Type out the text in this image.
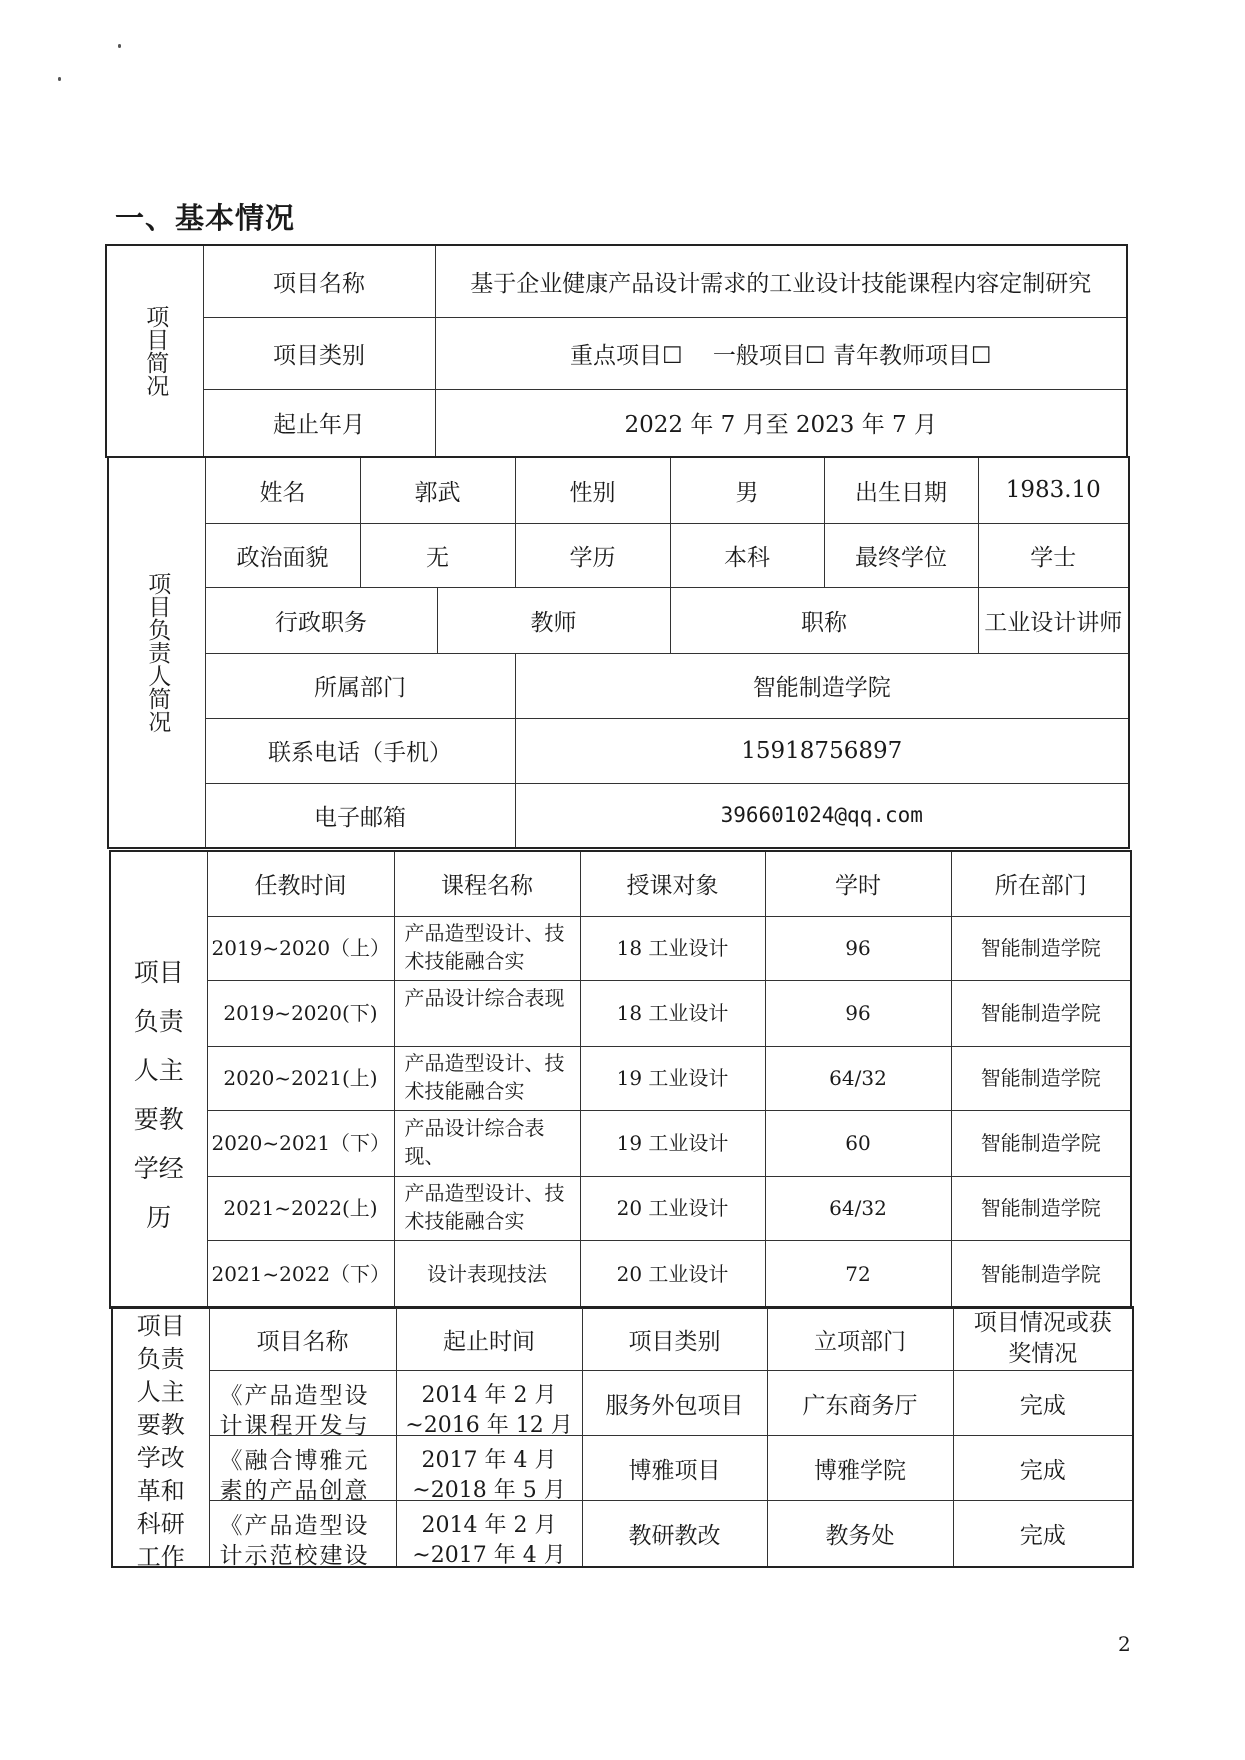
一、基本情况
项目简况	项目名称	基于企业健康产品设计需求的工业设计技能课程内容定制研究
	项目类别	重点项目☐　 一般项目☐ 青年教师项目☐
	起止年月	2022 年 7 月至 2023 年 7 月
项目负责人简况	姓名	郭武		性别	男	出生日期	1983.10
	政治面貌	无		学历	本科	最终学位	学士
	行政职务		教师		职称		工业设计讲师
	所属部门			智能制造学院			
	联系电话（手机）			15918756897			
	电子邮箱			396601024@qq.com			
项目负责人主要教学经历	任教时间	课程名称	授课对象	学时	所在部门
	2019~2020（上）	产品造型设计、技术技能融合实	18 工业设计	96	智能制造学院
	2019~2020(下)	产品设计综合表现	18 工业设计	96	智能制造学院
	2020~2021(上)	产品造型设计、技术技能融合实	19 工业设计	64/32	智能制造学院
	2020~2021（下）	产品设计综合表现、	19 工业设计	60	智能制造学院
	2021~2022(上)	产品造型设计、技术技能融合实	20 工业设计	64/32	智能制造学院
	2021~2022（下）	设计表现技法	20 工业设计	72	智能制造学院
项目负责人主要教学改革和科研工作	项目名称	起止时间	项目类别	立项部门	项目情况或获奖情况

	《产品造型设计课程开发与	2014 年 2 月~2016 年 12 月	服务外包项目	广东商务厅	完成

	《融合博雅元素的产品创意	2017 年 4 月~2018 年 5 月	博雅项目	博雅学院	完成

	《产品造型设计示范校建设	2014 年 2 月~2017 年 4 月	教研教改	教务处	完成
2
